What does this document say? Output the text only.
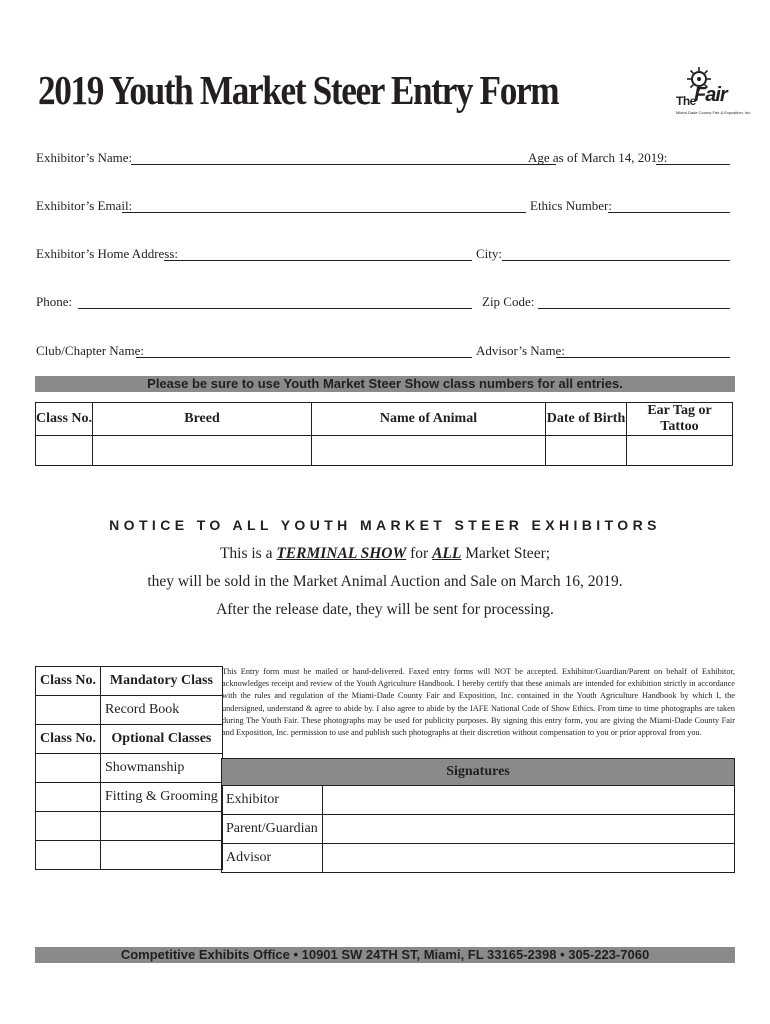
2019 Youth Market Steer Entry Form	The
Fair
Miami-Dade County Fair & Exposition, Inc.
Exhibitor’s Name:	Age as of March 14, 2019:
Exhibitor’s Email:	Ethics Number:
Exhibitor’s Home Address:	City:
Phone:	Zip Code:
Club/Chapter Name:	Advisor’s Name:
Please be sure to use Youth Market Steer Show class numbers for all entries.
Class No.	Breed	Name of Animal	Date of Birth	Ear Tag or Tattoo

NOTICE TO ALL YOUTH MARKET STEER EXHIBITORS
This is a TERMINAL SHOW for ALL Market Steer;
they will be sold in the Market Animal Auction and Sale on March 16, 2019.
After the release date, they will be sent for processing.
Class No.	Mandatory Class
	Record Book
Class No.	Optional Classes
	Showmanship
	Fitting & Grooming

This Entry form must be mailed or hand-delivered. Faxed entry forms will NOT be accepted. Exhibitor/Guardian/Parent on behalf of Exhibitor, acknowledges receipt and review of the Youth Agriculture Handbook. I hereby certify that these animals are intended for exhibition strictly in accordance with the rules and regulation of the Miami-Dade County Fair and Exposition, Inc. contained in the Youth Agriculture Handbook by which I, the undersigned, understand & agree to abide by. I also agree to abide by the IAFE National Code of Show Ethics. From time to time photographs are taken during The Youth Fair. These photographs may be used for publicity purposes. By signing this entry form, you are giving the Miami-Dade County Fair and Exposition, Inc. permission to use and publish such photographs at their discretion without compensation to you or prior approval from you.
Signatures	
Exhibitor	
Parent/Guardian	
Advisor	
Competitive Exhibits Office • 10901 SW 24TH ST, Miami, FL 33165-2398 • 305-223-7060
